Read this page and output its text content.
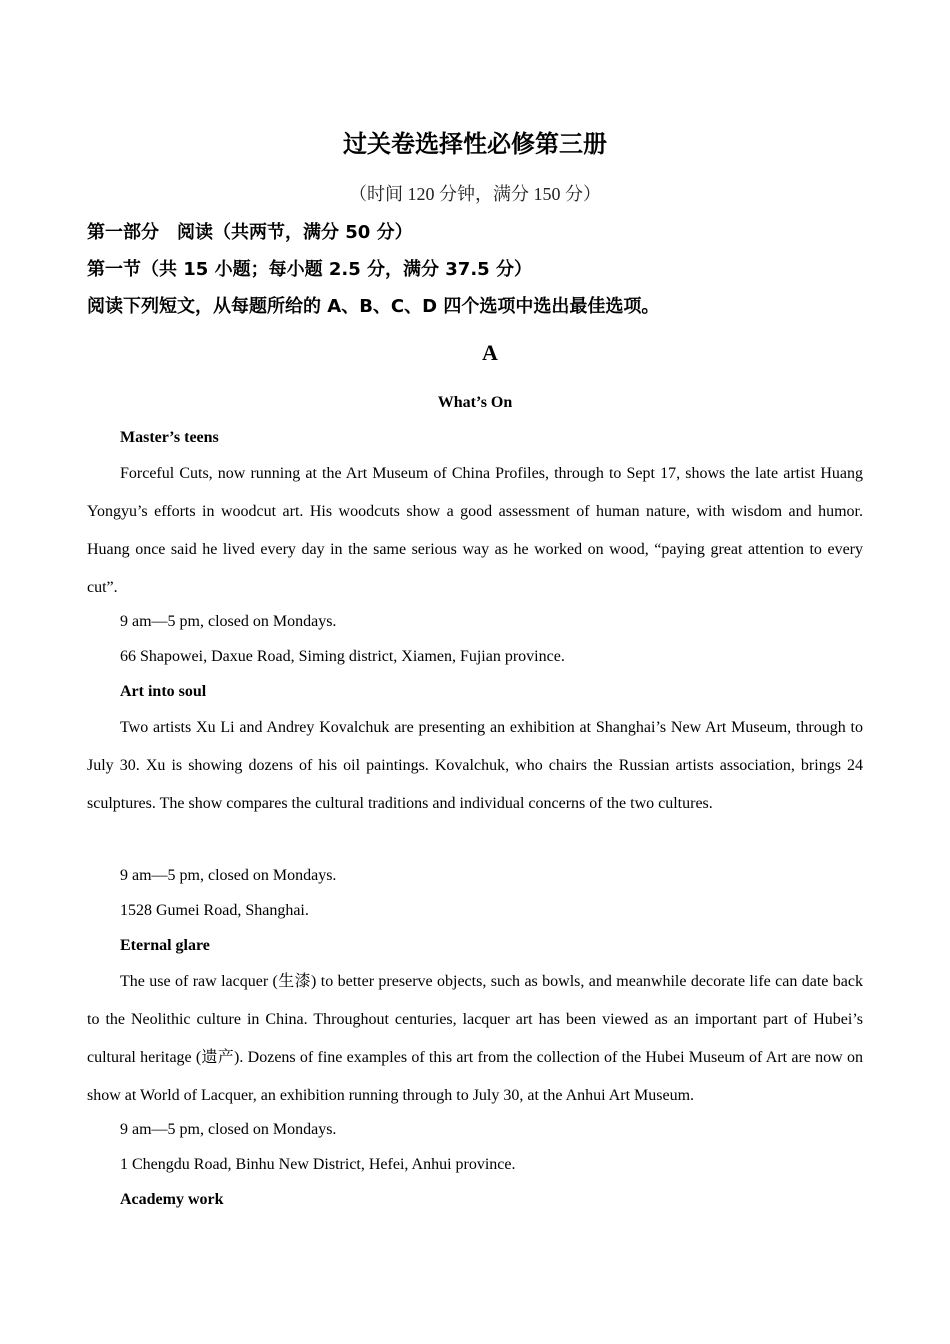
过关卷选择性必修第三册
（时间 120 分钟，满分 150 分）
第一部分　阅读（共两节，满分 50 分）
第一节（共 15 小题；每小题 2.5 分，满分 37.5 分）
阅读下列短文，从每题所给的 A、B、C、D 四个选项中选出最佳选项。
A
What’s On
Master’s teens
Forceful Cuts, now running at the Art Museum of China Profiles, through to Sept 17, shows the late artist Huang Yongyu’s efforts in woodcut art. His woodcuts show a good assessment of human nature, with wisdom and humor. Huang once said he lived every day in the same serious way as he worked on wood, “paying great attention to every cut”.
9 am—5 pm, closed on Mondays.
66 Shapowei, Daxue Road, Siming district, Xiamen, Fujian province.
Art into soul
Two artists Xu Li and Andrey Kovalchuk are presenting an exhibition at Shanghai’s New Art Museum, through to July 30. Xu is showing dozens of his oil paintings. Kovalchuk, who chairs the Russian artists association, brings 24 sculptures. The show compares the cultural traditions and individual concerns of the two cultures.
9 am—5 pm, closed on Mondays.
1528 Gumei Road, Shanghai.
Eternal glare
The use of raw lacquer (生漆) to better preserve objects, such as bowls, and meanwhile decorate life can date back to the Neolithic culture in China. Throughout centuries, lacquer art has been viewed as an important part of Hubei’s cultural heritage (遗产). Dozens of fine examples of this art from the collection of the Hubei Museum of Art are now on show at World of Lacquer, an exhibition running through to July 30, at the Anhui Art Museum.
9 am—5 pm, closed on Mondays.
1 Chengdu Road, Binhu New District, Hefei, Anhui province.
Academy work
